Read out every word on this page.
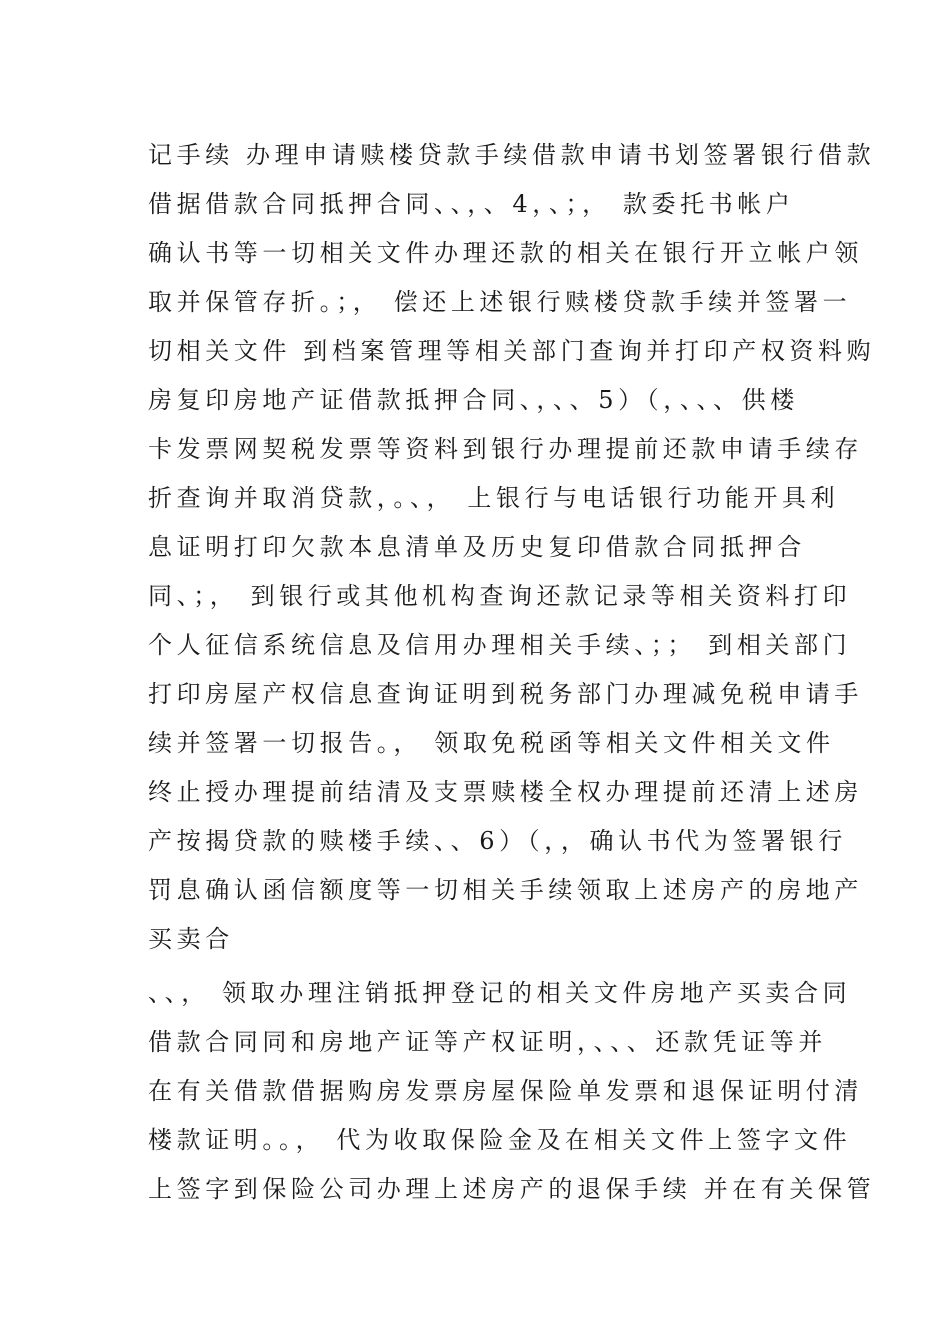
记手续 办理申请赎楼贷款手续借款申请书划签署银行借款
借据借款合同抵押合同、、，、4，、；， 款委托书帐户
确认书等一切相关文件办理还款的相关在银行开立帐户领
取并保管存折。；， 偿还上述银行赎楼贷款手续并签署一
切相关文件 到档案管理等相关部门查询并打印产权资料购
房复印房地产证借款抵押合同、，、、5）（，、、、供楼
卡发票网契税发票等资料到银行办理提前还款申请手续存
折查询并取消贷款，。、， 上银行与电话银行功能开具利
息证明打印欠款本息清单及历史复印借款合同抵押合
同、；， 到银行或其他机构查询还款记录等相关资料打印
个人征信系统信息及信用办理相关手续、；； 到相关部门
打印房屋产权信息查询证明到税务部门办理减免税申请手
续并签署一切报告。， 领取免税函等相关文件相关文件
终止授办理提前结清及支票赎楼全权办理提前还清上述房
产按揭贷款的赎楼手续、、6）（，，确认书代为签署银行
罚息确认函信额度等一切相关手续领取上述房产的房地产
买卖合
、、， 领取办理注销抵押登记的相关文件房地产买卖合同
借款合同同和房地产证等产权证明，、、、还款凭证等并
在有关借款借据购房发票房屋保险单发票和退保证明付清
楼款证明。。， 代为收取保险金及在相关文件上签字文件
上签字到保险公司办理上述房产的退保手续 并在有关保管
